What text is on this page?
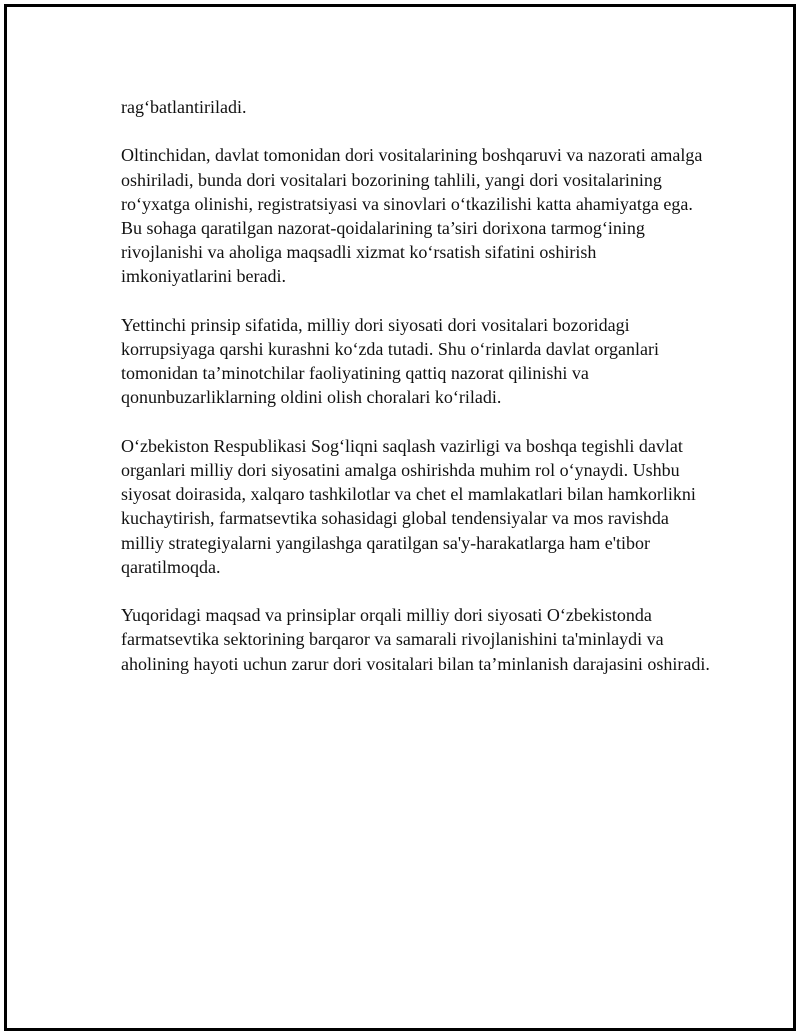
rag‘batlantiriladi.

Oltinchidan, davlat tomonidan dori vositalarining boshqaruvi va nazorati amalga oshiriladi, bunda dori vositalari bozorining tahlili, yangi dori vositalarining ro‘yxatga olinishi, registratsiyasi va sinovlari o‘tkazilishi katta ahamiyatga ega. Bu sohaga qaratilgan nazorat-qoidalarining ta’siri dorixona tarmog‘ining rivojlanishi va aholiga maqsadli xizmat ko‘rsatish sifatini oshirish imkoniyatlarini beradi.

Yettinchi prinsip sifatida, milliy dori siyosati dori vositalari bozoridagi korrupsiyaga qarshi kurashni ko‘zda tutadi. Shu o‘rinlarda davlat organlari tomonidan ta’minotchilar faoliyatining qattiq nazorat qilinishi va qonunbuzarliklarning oldini olish choralari ko‘riladi.

O‘zbekiston Respublikasi Sog‘liqni saqlash vazirligi va boshqa tegishli davlat organlari milliy dori siyosatini amalga oshirishda muhim rol o‘ynaydi. Ushbu siyosat doirasida, xalqaro tashkilotlar va chet el mamlakatlari bilan hamkorlikni kuchaytirish, farmatsevtika sohasidagi global tendensiyalar va mos ravishda milliy strategiyalarni yangilashga qaratilgan sa'y-harakatlarga ham e'tibor qaratilmoqda.

Yuqoridagi maqsad va prinsiplar orqali milliy dori siyosati O‘zbekistonda farmatsevtika sektorining barqaror va samarali rivojlanishini ta'minlaydi va aholining hayoti uchun zarur dori vositalari bilan ta’minlanish darajasini oshiradi.
